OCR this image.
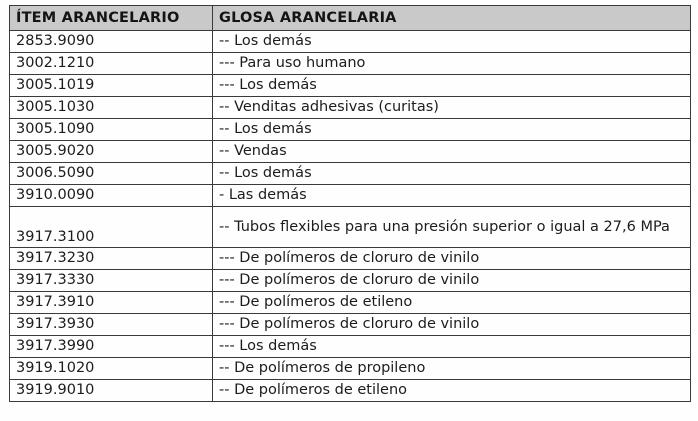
ÍTEM ARANCELARIO	GLOSA ARANCELARIA
2853.9090	-- Los demás
3002.1210	--- Para uso humano
3005.1019	--- Los demás
3005.1030	-- Venditas adhesivas (curitas)
3005.1090	-- Los demás
3005.9020	-- Vendas
3006.5090	-- Los demás
3910.0090	- Las demás
3917.3100	-- Tubos flexibles para una presión superior o igual a 27,6 MPa
3917.3230	--- De polímeros de cloruro de vinilo
3917.3330	--- De polímeros de cloruro de vinilo
3917.3910	--- De polímeros de etileno
3917.3930	--- De polímeros de cloruro de vinilo
3917.3990	--- Los demás
3919.1020	-- De polímeros de propileno
3919.9010	-- De polímeros de etileno
